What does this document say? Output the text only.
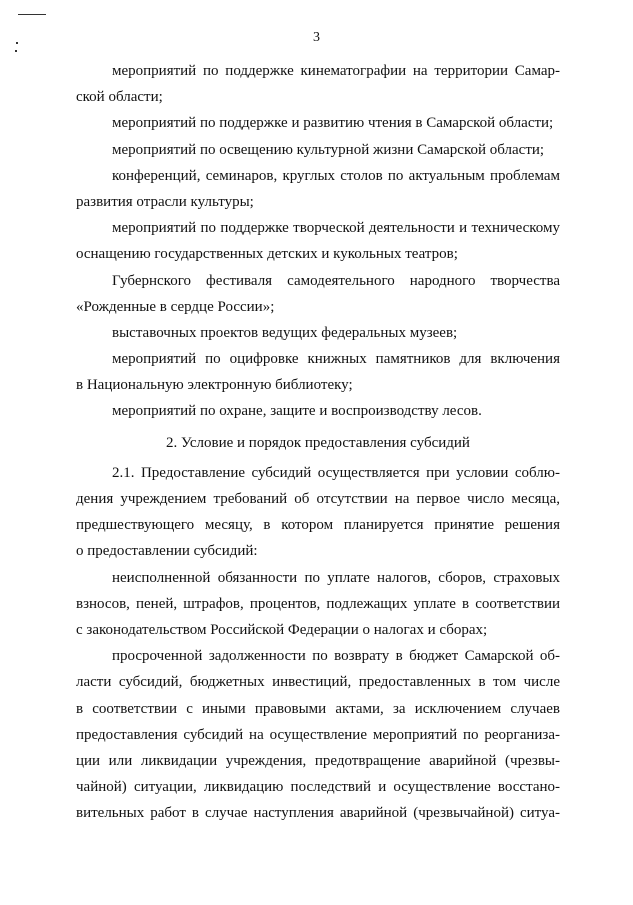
3
мероприятий по поддержке кинематографии на территории Самар-
ской области;
мероприятий по поддержке и развитию чтения в Самарской области;
мероприятий по освещению культурной жизни Самарской области;
конференций, семинаров, круглых столов по актуальным проблемам
развития отрасли культуры;
мероприятий по поддержке творческой деятельности и техническому
оснащению государственных детских и кукольных театров;
Губернского фестиваля самодеятельного народного творчества
«Рожденные в сердце России»;
выставочных проектов ведущих федеральных музеев;
мероприятий по оцифровке книжных памятников для включения
в Национальную электронную библиотеку;
мероприятий по охране, защите и воспроизводству лесов.
2. Условие и порядок предоставления субсидий
2.1. Предоставление субсидий осуществляется при условии соблю-
дения учреждением требований об отсутствии на первое число месяца,
предшествующего месяцу, в котором планируется принятие решения
о предоставлении субсидий:
неисполненной обязанности по уплате налогов, сборов, страховых
взносов, пеней, штрафов, процентов, подлежащих уплате в соответствии
с законодательством Российской Федерации о налогах и сборах;
просроченной задолженности по возврату в бюджет Самарской об-
ласти субсидий, бюджетных инвестиций, предоставленных в том числе
в соответствии с иными правовыми актами, за исключением случаев
предоставления субсидий на осуществление мероприятий по реорганиза-
ции или ликвидации учреждения, предотвращение аварийной (чрезвы-
чайной) ситуации, ликвидацию последствий и осуществление восстано-
вительных работ в случае наступления аварийной (чрезвычайной) ситуа-
